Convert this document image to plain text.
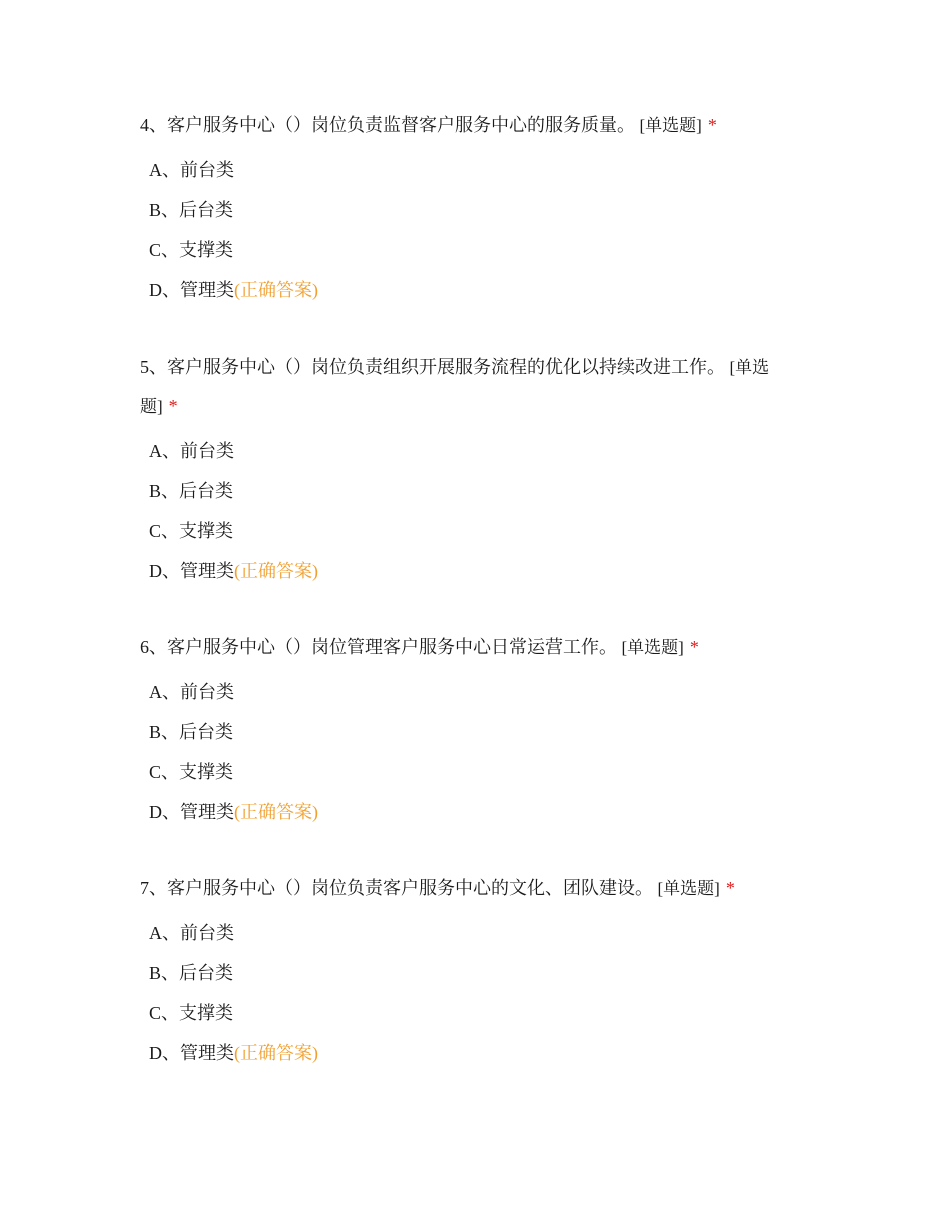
4、客户服务中心（）岗位负责监督客户服务中心的服务质量。 [单选题] *

A、前台类
B、后台类
C、支撑类
D、管理类(正确答案)

5、客户服务中心（）岗位负责组织开展服务流程的优化以持续改进工作。 [单选题] *

A、前台类
B、后台类
C、支撑类
D、管理类(正确答案)

6、客户服务中心（）岗位管理客户服务中心日常运营工作。 [单选题] *

A、前台类
B、后台类
C、支撑类
D、管理类(正确答案)

7、客户服务中心（）岗位负责客户服务中心的文化、团队建设。 [单选题] *

A、前台类
B、后台类
C、支撑类
D、管理类(正确答案)
